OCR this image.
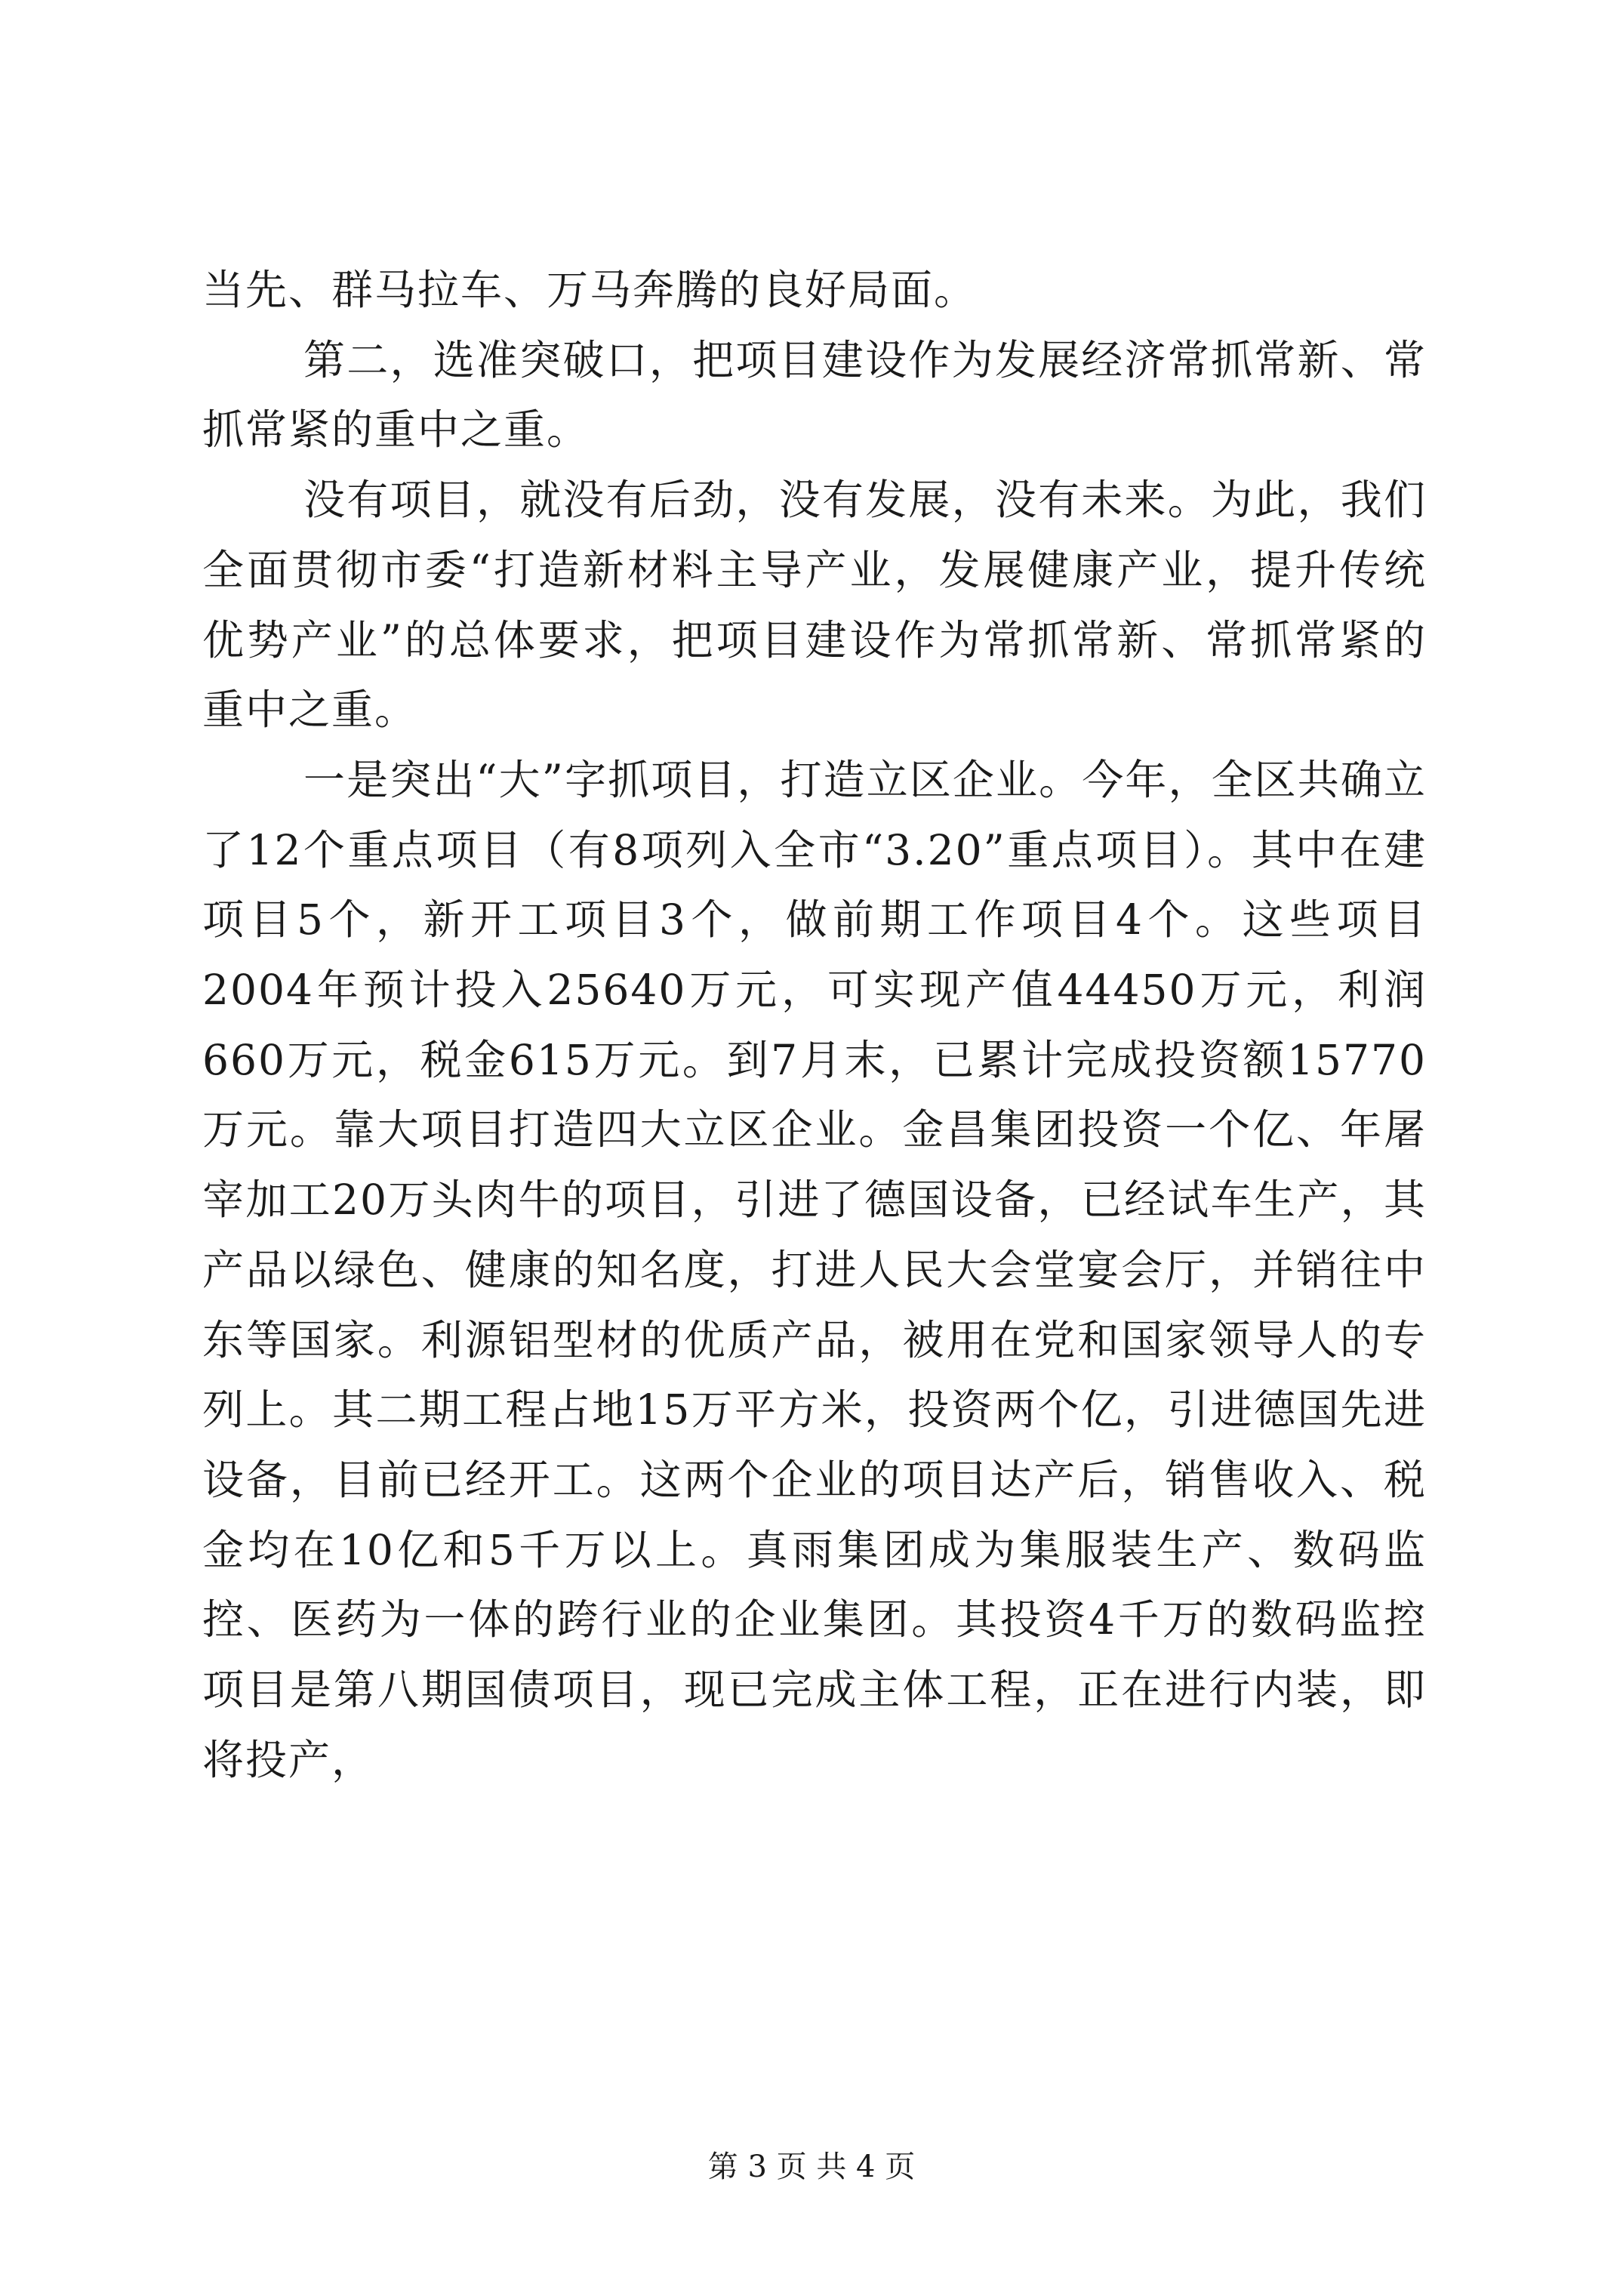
当先、群马拉车、万马奔腾的良好局面。

第二，选准突破口，把项目建设作为发展经济常抓常新、常抓常紧的重中之重。

没有项目，就没有后劲，没有发展，没有未来。为此，我们全面贯彻市委“打造新材料主导产业，发展健康产业，提升传统优势产业”的总体要求，把项目建设作为常抓常新、常抓常紧的重中之重。

一是突出“大”字抓项目，打造立区企业。今年，全区共确立了12个重点项目（有8项列入全市“3.20”重点项目）。其中在建项目5个，新开工项目3个，做前期工作项目4个。这些项目2004年预计投入25640万元，可实现产值44450万元，利润660万元，税金615万元。到7月末，已累计完成投资额15770万元。靠大项目打造四大立区企业。金昌集团投资一个亿、年屠宰加工20万头肉牛的项目，引进了德国设备，已经试车生产，其产品以绿色、健康的知名度，打进人民大会堂宴会厅，并销往中东等国家。利源铝型材的优质产品，被用在党和国家领导人的专列上。其二期工程占地15万平方米，投资两个亿，引进德国先进设备，目前已经开工。这两个企业的项目达产后，销售收入、税金均在10亿和5千万以上。真雨集团成为集服装生产、数码监控、医药为一体的跨行业的企业集团。其投资4千万的数码监控项目是第八期国债项目，现已完成主体工程，正在进行内装，即将投产，

第 3 页 共 4 页
